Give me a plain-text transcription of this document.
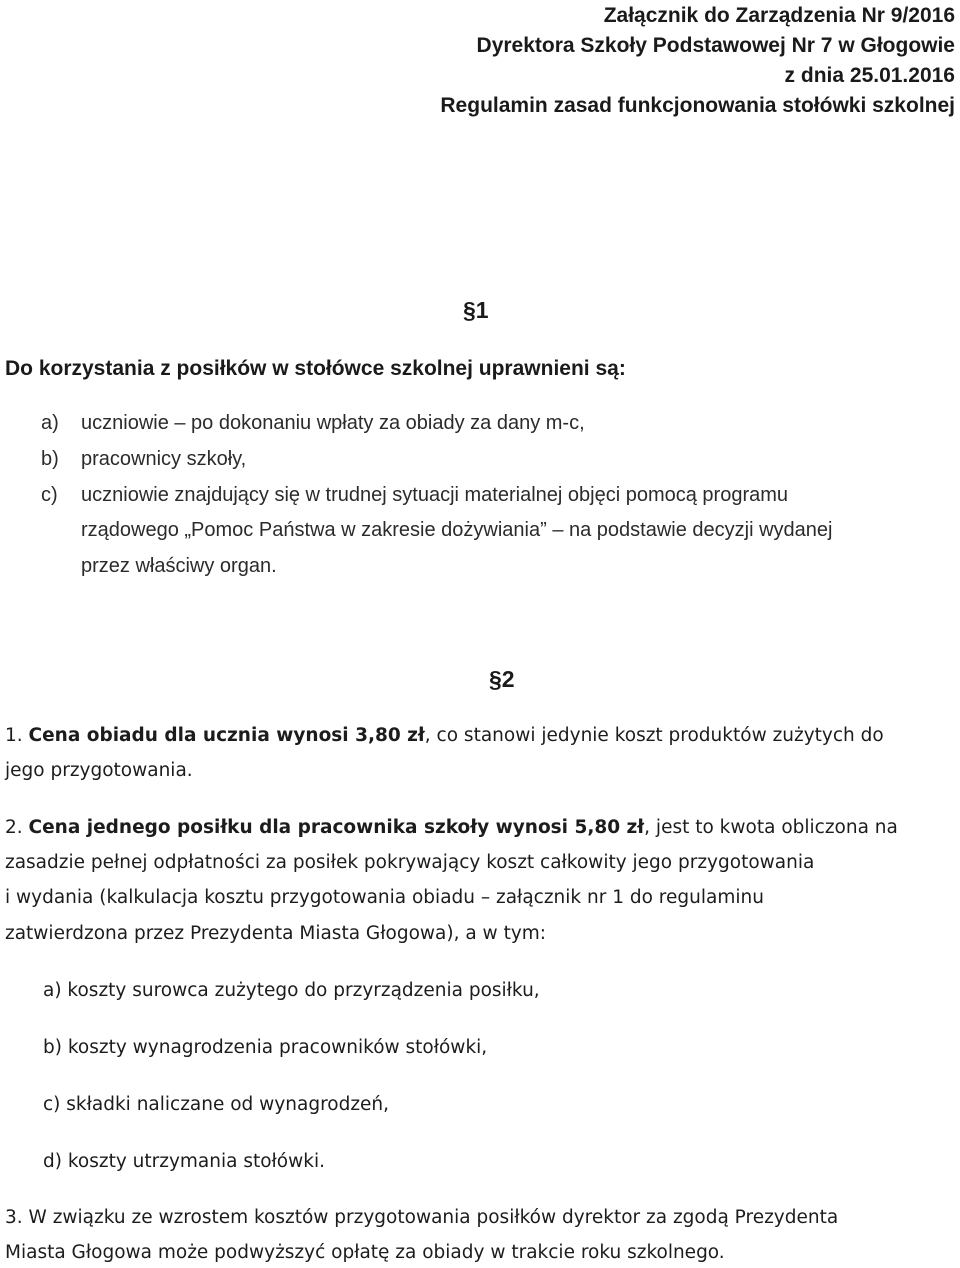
Załącznik do Zarządzenia Nr 9/2016
Dyrektora Szkoły Podstawowej Nr 7 w Głogowie
z dnia 25.01.2016
Regulamin zasad funkcjonowania stołówki szkolnej
§1
Do korzystania z posiłków w stołówce szkolnej uprawnieni są:
a) uczniowie – po dokonaniu wpłaty za obiady za dany m-c,
b) pracownicy szkoły,
c) uczniowie znajdujący się w trudnej sytuacji materialnej objęci pomocą programu
rządowego „Pomoc Państwa w zakresie dożywiania” – na podstawie decyzji wydanej
przez właściwy organ.
§2
1. Cena obiadu dla ucznia wynosi 3,80 zł, co stanowi jedynie koszt produktów zużytych do
jego przygotowania.
2. Cena jednego posiłku dla pracownika szkoły wynosi 5,80 zł, jest to kwota obliczona na
zasadzie pełnej odpłatności za posiłek pokrywający koszt całkowity jego przygotowania
i wydania (kalkulacja kosztu przygotowania obiadu – załącznik nr 1 do regulaminu
zatwierdzona przez Prezydenta Miasta Głogowa), a w tym:
a) koszty surowca zużytego do przyrządzenia posiłku,
b) koszty wynagrodzenia pracowników stołówki,
c) składki naliczane od wynagrodzeń,
d) koszty utrzymania stołówki.
3. W związku ze wzrostem kosztów przygotowania posiłków dyrektor za zgodą Prezydenta
Miasta Głogowa może podwyższyć opłatę za obiady w trakcie roku szkolnego.
